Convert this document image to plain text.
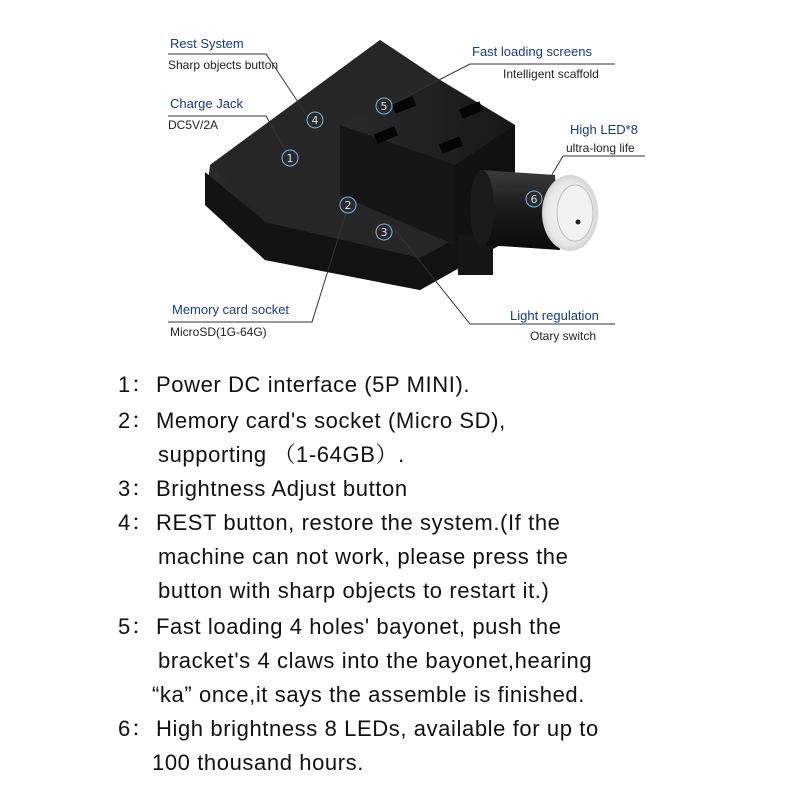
1
2
3
4
5
6
Rest System
Sharp objects button
Charge Jack
DC5V/2A
Memory card socket
MicroSD(1G-64G)
Fast loading screens
Intelligent scaffold
High LED*8
ultra-long life
Light regulation
Otary switch
1： Power DC interface (5P MINI).
2： Memory card's socket (Micro SD),
supporting （1-64GB）.
3： Brightness Adjust button
4： REST button, restore the system.(If the
machine can not work, please press the
button with sharp objects to restart it.)
5： Fast loading 4 holes' bayonet, push the
bracket's 4 claws into the bayonet,hearing
“ka” once,it says the assemble is finished.
6： High brightness 8 LEDs, available for up to
100 thousand hours.
